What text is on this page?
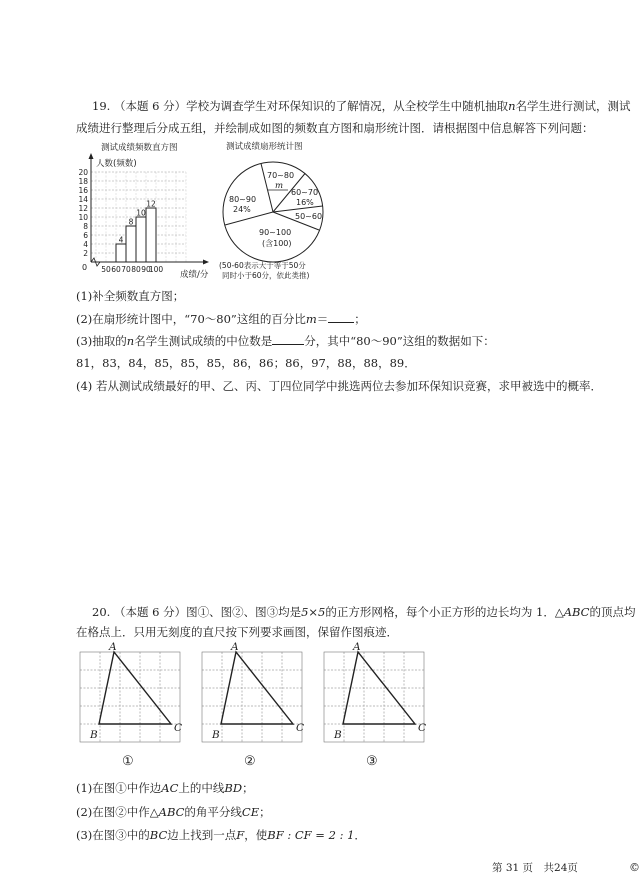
19. （本题 6 分）学校为调查学生对环保知识的了解情况，从全校学生中随机抽取n名学生进行测试，测试
成绩进行整理后分成五组，并绘制成如图的频数直方图和扇形统计图．请根据图中信息解答下列问题：
测试成绩频数直方图
人数(频数)
2
4
6
8
10
12
14
16
18
20
4
8
10
12
50 60 70 80 90
100
0
成绩/分
测试成绩扇形统计图
70~80
m
60~70
16%
80~90
24%
50~60
90~100
(含100)
(50-60表示大于等于50分
同时小于60分，依此类推)
(1)补全频数直方图；
(2)在扇形统计图中，“70～80”这组的百分比m＝ ；
(3)抽取的n名学生测试成绩的中位数是	分，其中“80～90”这组的数据如下：
81，83，84，85，85，85，86，86；86，97，88，88，89．
(4) 若从测试成绩最好的甲、乙、丙、丁四位同学中挑选两位去参加环保知识竞赛，求甲被选中的概率．
20. （本题 6 分）图①、图②、图③均是5×5的正方形网格，每个小正方形的边长均为 1．△ABC的顶点均
在格点上．只用无刻度的直尺按下列要求画图，保留作图痕迹．
A
B
C
①
A
B
C
②
A
B
C
③
(1)在图①中作边AC上的中线BD；
(2)在图②中作△ABC的角平分线CE；
(3)在图③中的BC边上找到一点F，使BF : CF = 2 : 1．
第 31 页　共24页	©
